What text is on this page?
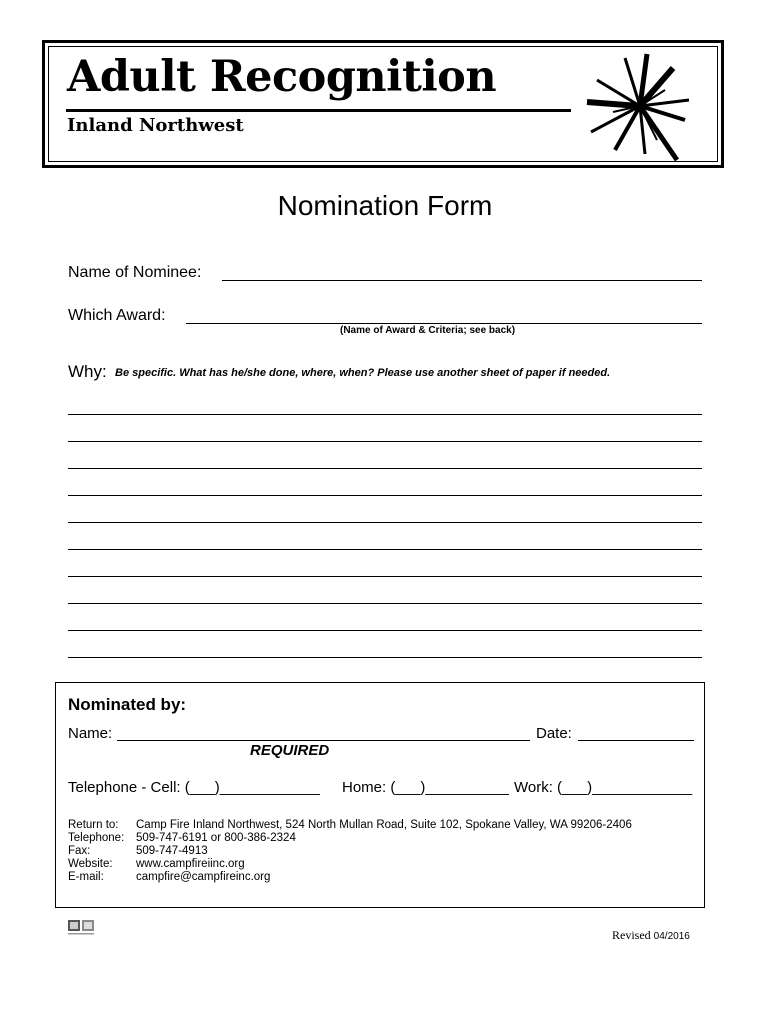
Adult Recognition
Inland Northwest
Nomination Form
Name of Nominee:
Which Award:
(Name of Award & Criteria; see back)
Why: Be specific. What has he/she done, where, when? Please use another sheet of paper if needed.
Nominated by:
Name:	Date:
REQUIRED
Telephone - Cell: (___)____________ Home: (___)__________ Work: (___)____________
Return to: Camp Fire Inland Northwest, 524 North Mullan Road, Suite 102, Spokane Valley, WA 99206-2406
Telephone: 509-747-6191 or 800-386-2324
Fax:	509-747-4913
Website: www.campfireiinc.org
E-mail:	campfire@campfireinc.org
Revised 04/2016
